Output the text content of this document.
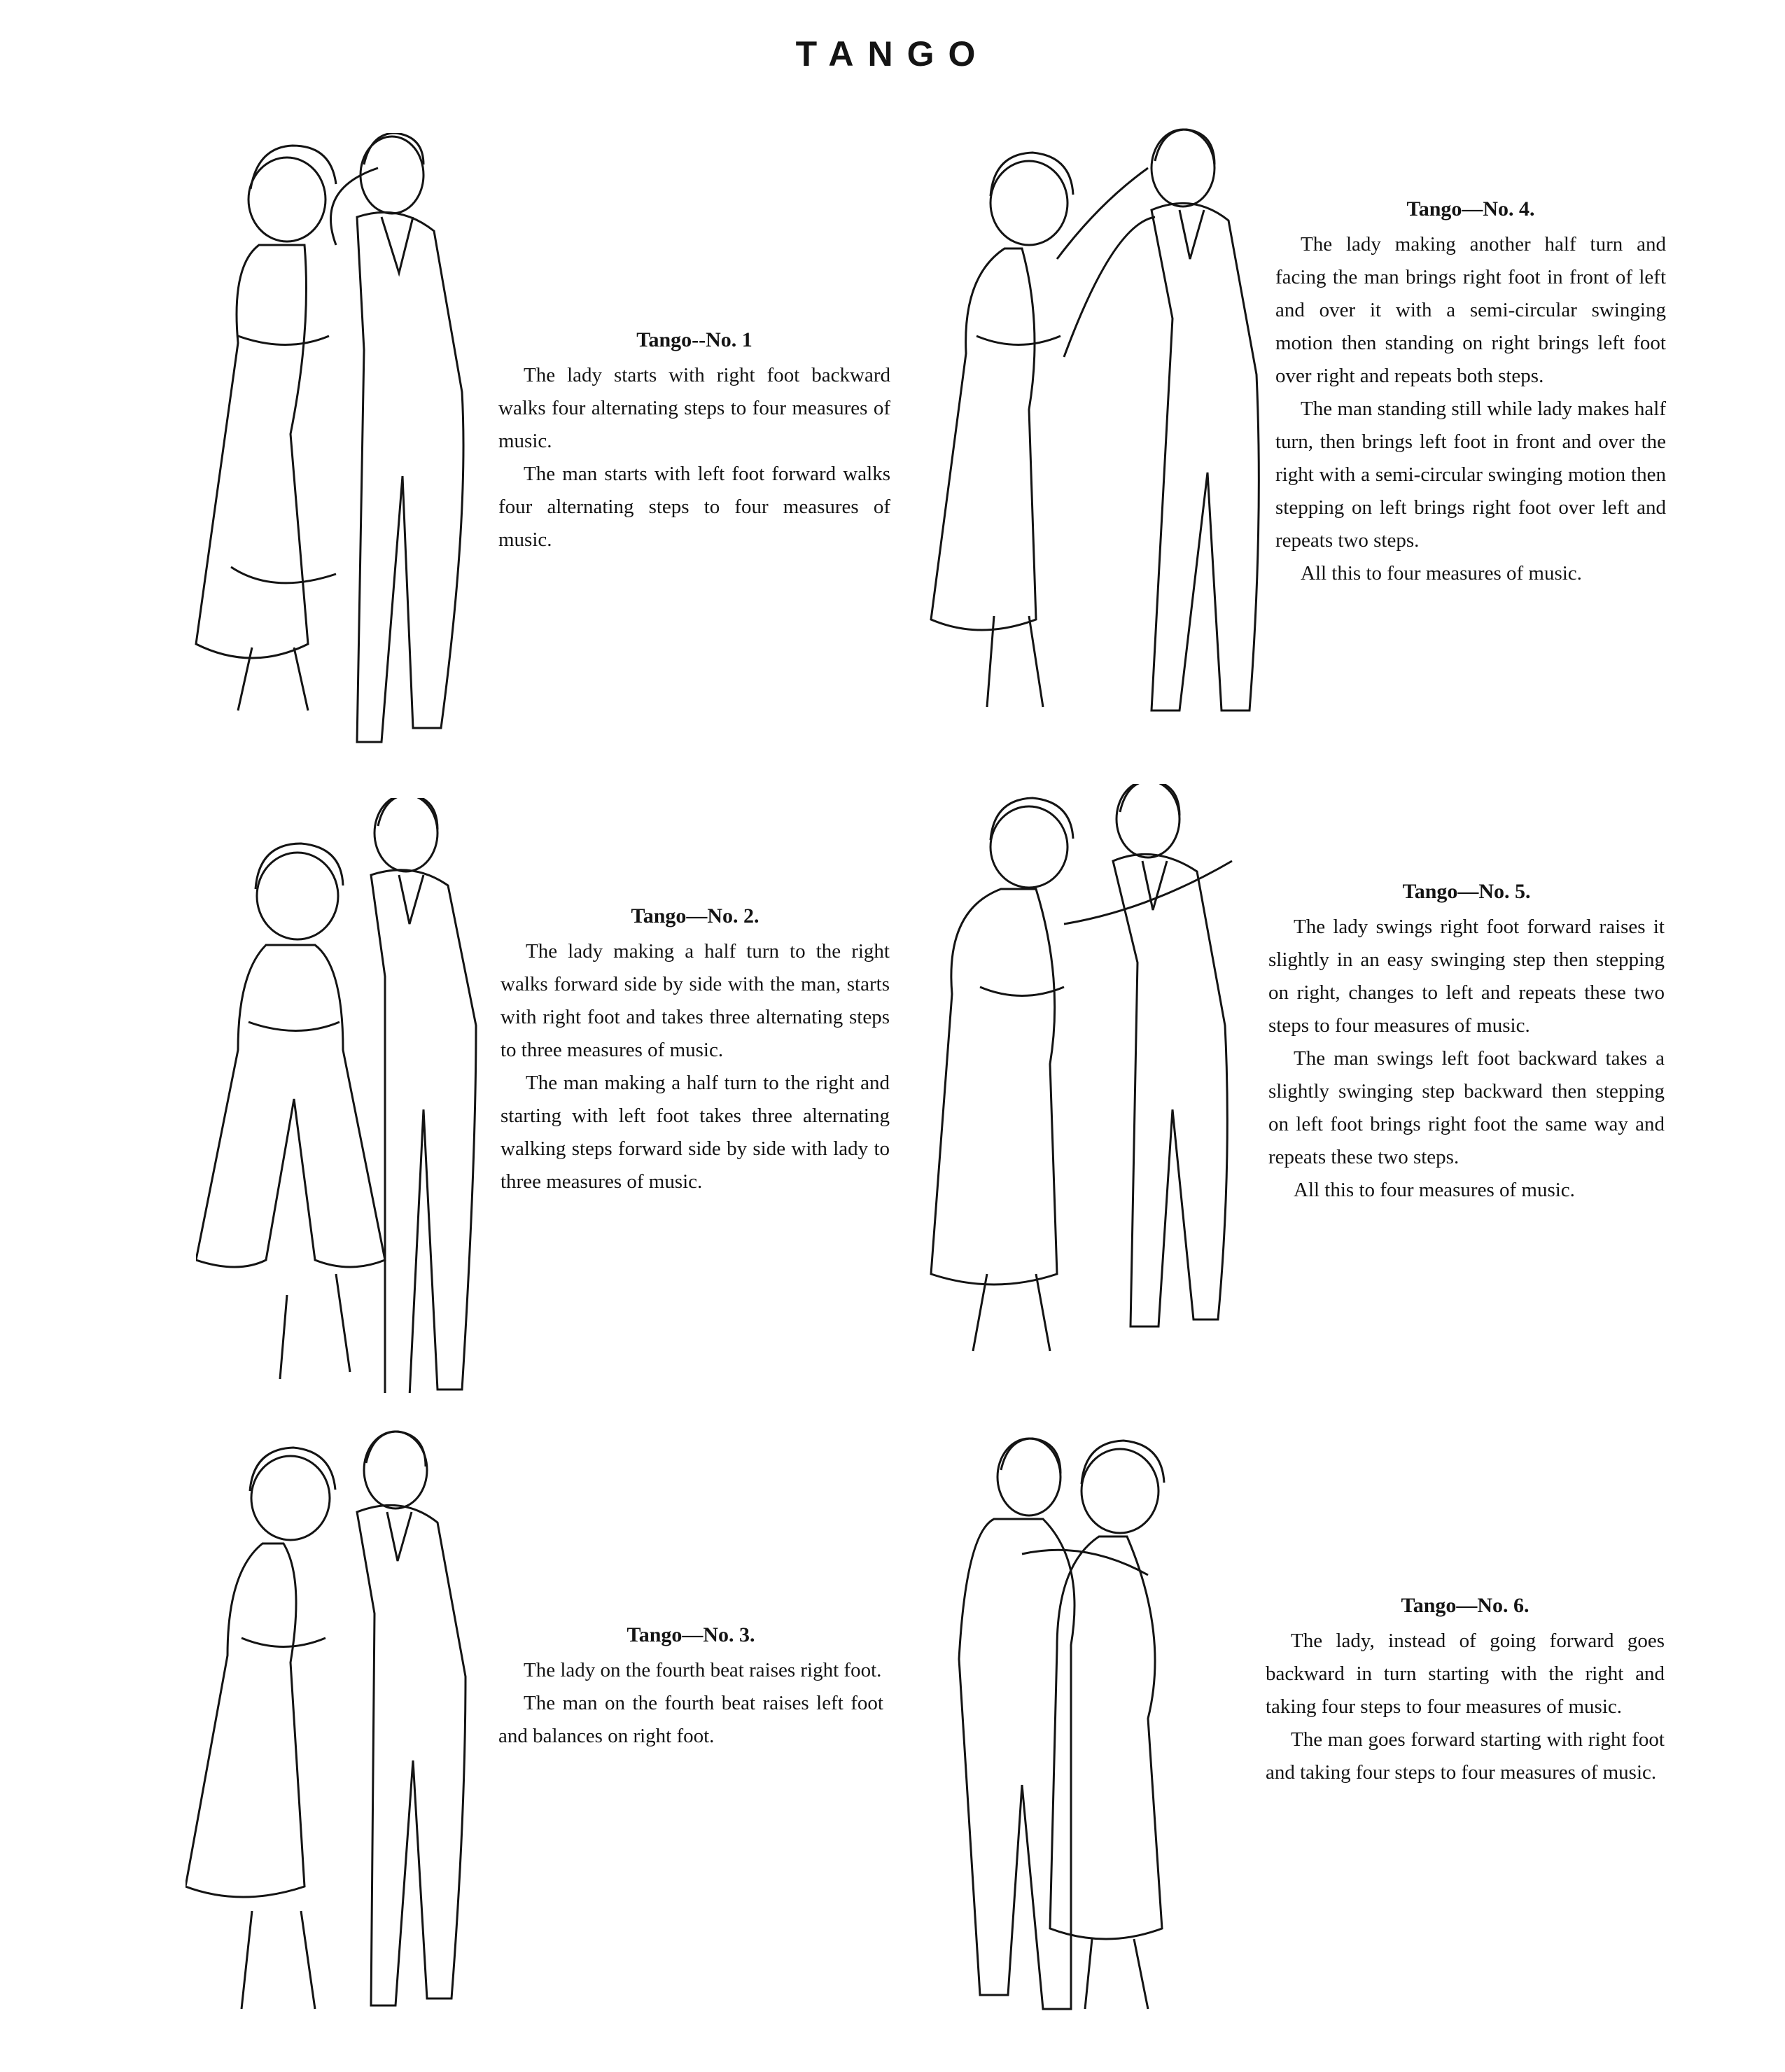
TANGO
Tango--No. 1

The lady starts with right foot backward walks four alternating steps to four measures of music.

The man starts with left foot forward walks four alternating steps to four measures of music.

Tango—No. 2.

The lady making a half turn to the right walks forward side by side with the man, starts with right foot and takes three alternating steps to three measures of music.

The man making a half turn to the right and starting with left foot takes three alternating walking steps forward side by side with lady to three measures of music.

Tango—No. 3.

The lady on the fourth beat raises right foot.

The man on the fourth beat raises left foot and balances on right foot.

Tango—No. 4.

The lady making another half turn and facing the man brings right foot in front of left and over it with a semi-circular swinging motion then standing on right brings left foot over right and repeats both steps.

The man standing still while lady makes half turn, then brings left foot in front and over the right with a semi-circular swinging motion then stepping on left brings right foot over left and repeats two steps.

All this to four measures of music.

Tango—No. 5.

The lady swings right foot forward raises it slightly in an easy swinging step then stepping on right, changes to left and repeats these two steps to four measures of music.

The man swings left foot backward takes a slightly swinging step backward then stepping on left foot brings right foot the same way and repeats these two steps.

All this to four measures of music.

Tango—No. 6.

The lady, instead of going forward goes backward in turn starting with the right and taking four steps to four measures of music.

The man goes forward starting with right foot and taking four steps to four measures of music.
